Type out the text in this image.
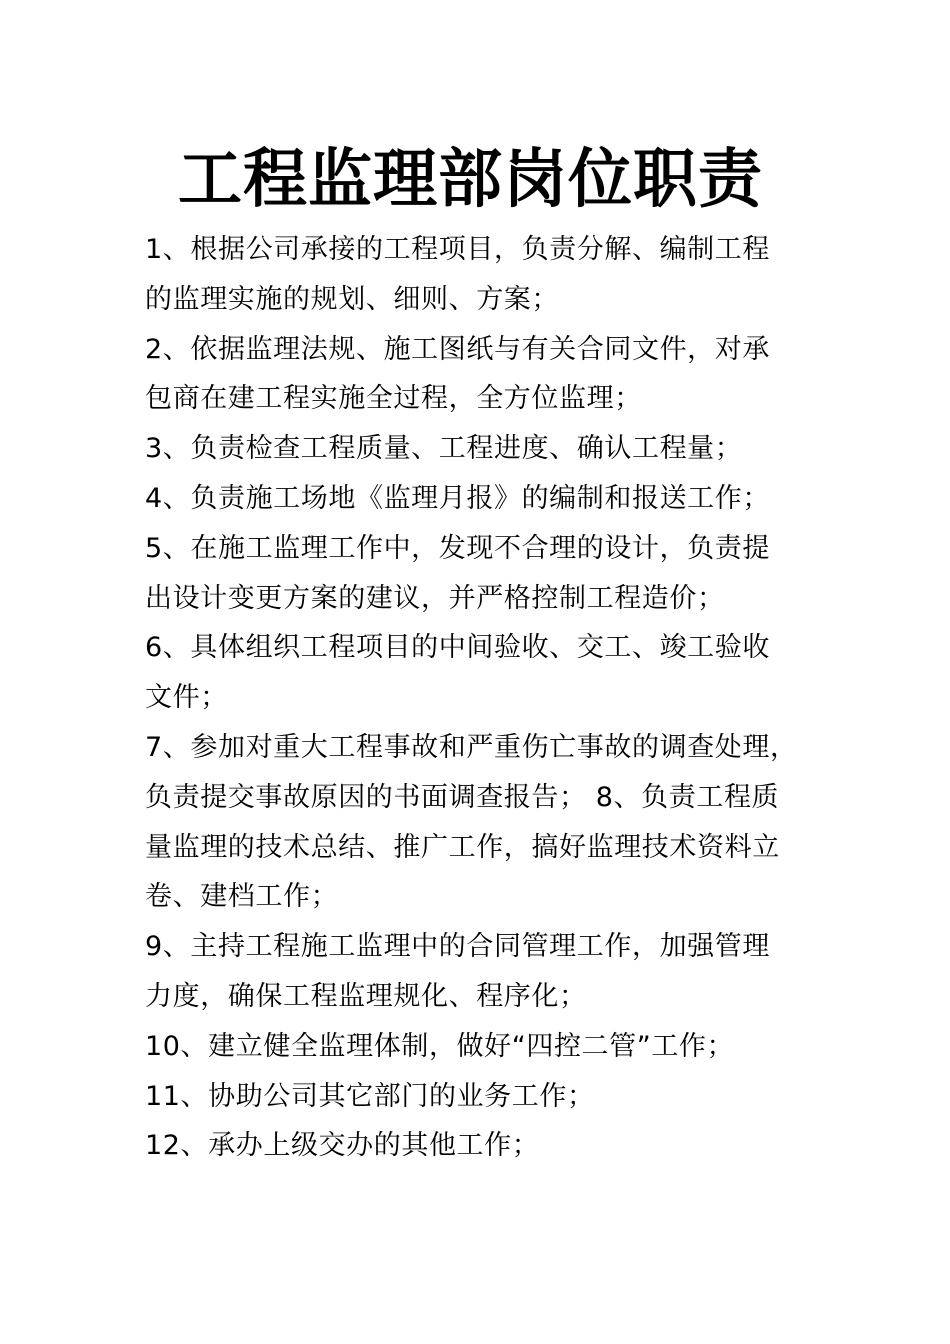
工程监理部岗位职责
1、根据公司承接的工程项目，负责分解、编制工程
的监理实施的规划、细则、方案；
2、依据监理法规、施工图纸与有关合同文件，对承
包商在建工程实施全过程，全方位监理；
3、负责检查工程质量、工程进度、确认工程量；
4、负责施工场地《监理月报》的编制和报送工作；
5、在施工监理工作中，发现不合理的设计，负责提
出设计变更方案的建议，并严格控制工程造价；
6、具体组织工程项目的中间验收、交工、竣工验收
文件；
7、参加对重大工程事故和严重伤亡事故的调查处理，
负责提交事故原因的书面调查报告； 8、负责工程质
量监理的技术总结、推广工作，搞好监理技术资料立
卷、建档工作；
9、主持工程施工监理中的合同管理工作，加强管理
力度，确保工程监理规化、程序化；
10、建立健全监理体制，做好“四控二管”工作；
11、协助公司其它部门的业务工作；
12、承办上级交办的其他工作；
